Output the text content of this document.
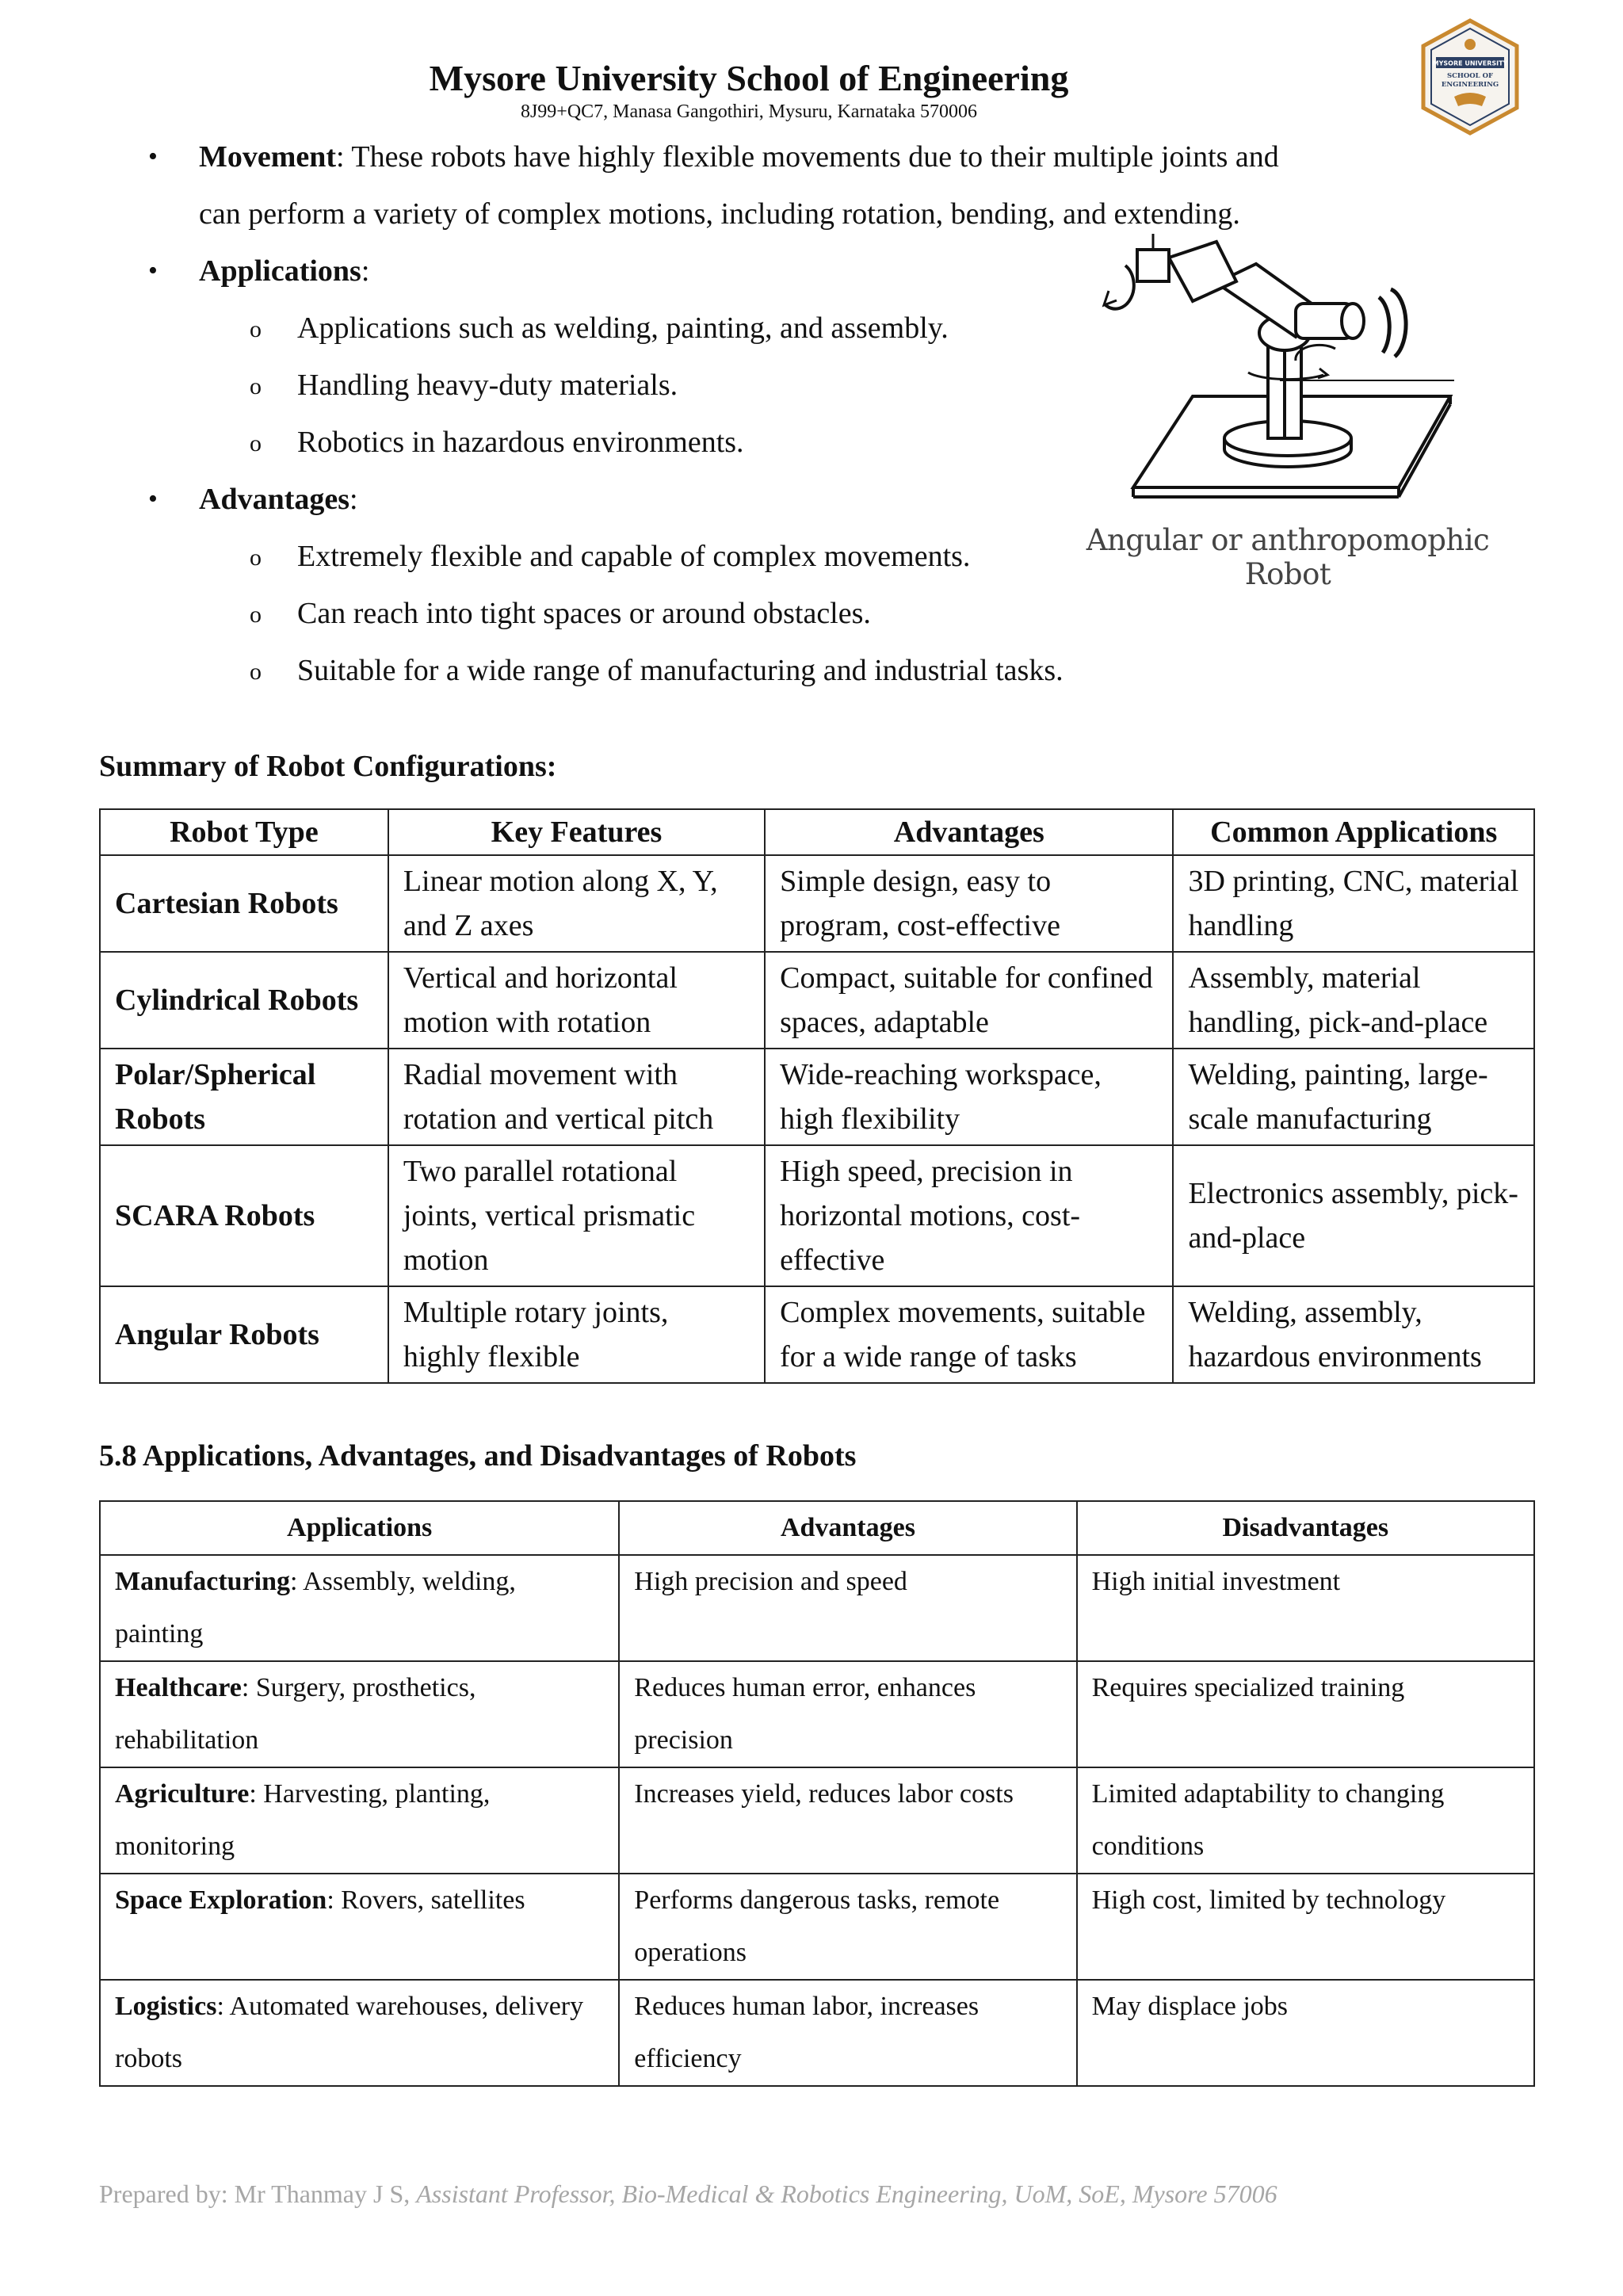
Mysore University School of Engineering
8J99+QC7, Manasa Gangothiri, Mysuru, Karnataka 570006
MYSORE UNIVERSITY
SCHOOL OF
ENGINEERING
• Movement: These robots have highly flexible movements due to their multiple joints and
can perform a variety of complex motions, including rotation, bending, and extending.
• Applications:
o Applications such as welding, painting, and assembly.
o Handling heavy-duty materials.
o Robotics in hazardous environments.
• Advantages:
o Extremely flexible and capable of complex movements.
o Can reach into tight spaces or around obstacles.
o Suitable for a wide range of manufacturing and industrial tasks.
Angular or anthropomophic Robot
Summary of Robot Configurations:
Robot Type	Key Features	Advantages	Common Applications
Cartesian Robots	Linear motion along X, Y, and Z axes	Simple design, easy to program, cost-effective	3D printing, CNC, material handling
Cylindrical Robots	Vertical and horizontal motion with rotation	Compact, suitable for confined spaces, adaptable	Assembly, material handling, pick-and-place
Polar/Spherical Robots	Radial movement with rotation and vertical pitch	Wide-reaching workspace, high flexibility	Welding, painting, large-scale manufacturing
SCARA Robots	Two parallel rotational joints, vertical prismatic motion	High speed, precision in horizontal motions, cost-effective	Electronics assembly, pick-and-place
Angular Robots	Multiple rotary joints, highly flexible	Complex movements, suitable for a wide range of tasks	Welding, assembly, hazardous environments
5.8 Applications, Advantages, and Disadvantages of Robots
Applications	Advantages	Disadvantages
Manufacturing: Assembly, welding, painting	High precision and speed	High initial investment
Healthcare: Surgery, prosthetics, rehabilitation	Reduces human error, enhances precision	Requires specialized training
Agriculture: Harvesting, planting, monitoring	Increases yield, reduces labor costs	Limited adaptability to changing conditions
Space Exploration: Rovers, satellites	Performs dangerous tasks, remote operations	High cost, limited by technology
Logistics: Automated warehouses, delivery robots	Reduces human labor, increases efficiency	May displace jobs
Prepared by: Mr Thanmay J S, Assistant Professor, Bio-Medical & Robotics Engineering, UoM, SoE, Mysore 57006
